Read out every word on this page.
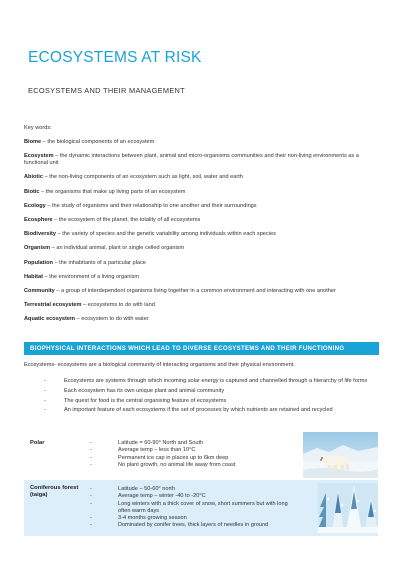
ECOSYSTEMS AT RISK
ECOSYSTEMS AND THEIR MANAGEMENT
Key words:
Biome – the biological components of an ecosystem
Ecosystem – the dynamic interactions between plant, animal and micro-organisms communities and their non-living environments as a functional unit
Abiotic – the non-living components of an ecosystem such as light, soil, water and earth
Biotic – the organisms that make up living parts of an ecosystem
Ecology – the study of organisms and their relationship to one another and their surroundings
Ecosphere – the ecosystem of the planet, the totality of all ecosystems
Biodiversity – the variety of species and the genetic variability among individuals within each species
Organism – an individual animal, plant or single celled organism
Population – the inhabitants of a particular place
Habitat – the environment of a living organism
Community – a group of interdependent organisms living together in a common environment and interacting with one another
Terrestrial ecosystem – ecosystems to do with land
Aquatic ecosystem – ecosystem to do with water
BIOPHYSICAL INTERACTIONS WHICH LEAD TO DIVERSE ECOSYSTEMS AND THEIR FUNCTIONING
Ecosystems- ecosystems are a biological community of interacting organisms and their physical environment.
- Ecosystems are systems through which incoming solar energy is captured and channelled through a hierarchy of life forms
- Each ecosystem has its own unique plant and animal community
- The quest for food is the central organising feature of ecosystems
- An important feature of each ecosystems if the set of processes by which nutrients are retained and recycled
Polar
-	Latitude = 60-90° North and South
- Average temp – less than 10°C
- Permanent ice cap in places up to 6km deep
- No plant growth, no animal life away from coast
Coniferous forest (taiga)
- Latitude – 50-60° north
- Average temp – winter -40 to -20°C
- Long winters with a thick cover of snow, short summers but with long often warm days
- 3-4 months growing season
- Dominated by conifer trees, thick layers of needles in ground
